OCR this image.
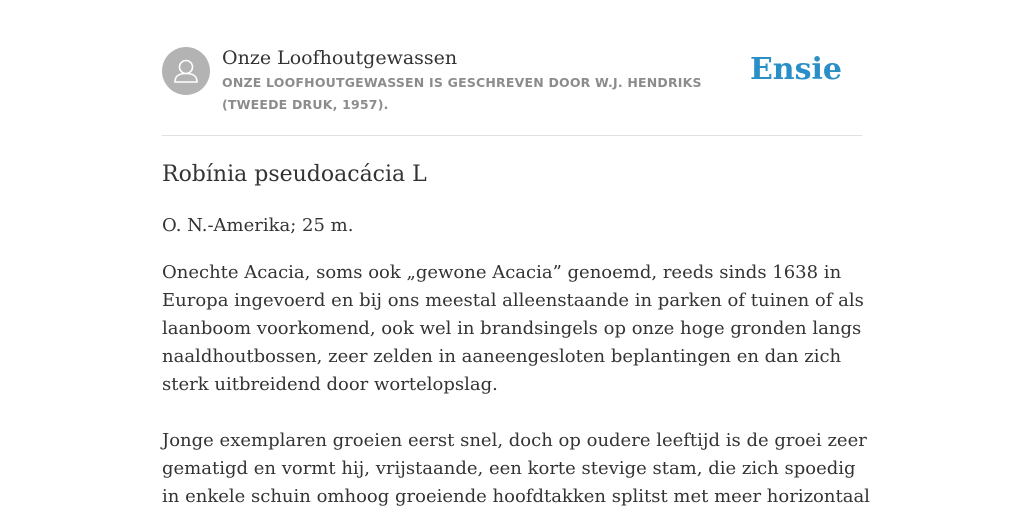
Onze Loofhoutgewassen
ONZE LOOFHOUTGEWASSEN IS GESCHREVEN DOOR W.J. HENDRIKS (TWEEDE DRUK, 1957).
Ensie
Robínia pseudoacácia L

O. N.-Amerika; 25 m.

Onechte Acacia, soms ook „gewone Acacia” genoemd, reeds sinds 1638 in Europa ingevoerd en bij ons meestal alleenstaande in parken of tuinen of als laanboom voorkomend, ook wel in brandsingels op onze hoge gronden langs naaldhoutbossen, zeer zelden in aaneengesloten beplantingen en dan zich sterk uitbreidend door wortelopslag.

Jonge exemplaren groeien eerst snel, doch op oudere leeftijd is de groei zeer gematigd en vormt hij, vrijstaande, een korte stevige stam, die zich spoedig in enkele schuin omhoog groeiende hoofdtakken splitst met meer horizontaal
